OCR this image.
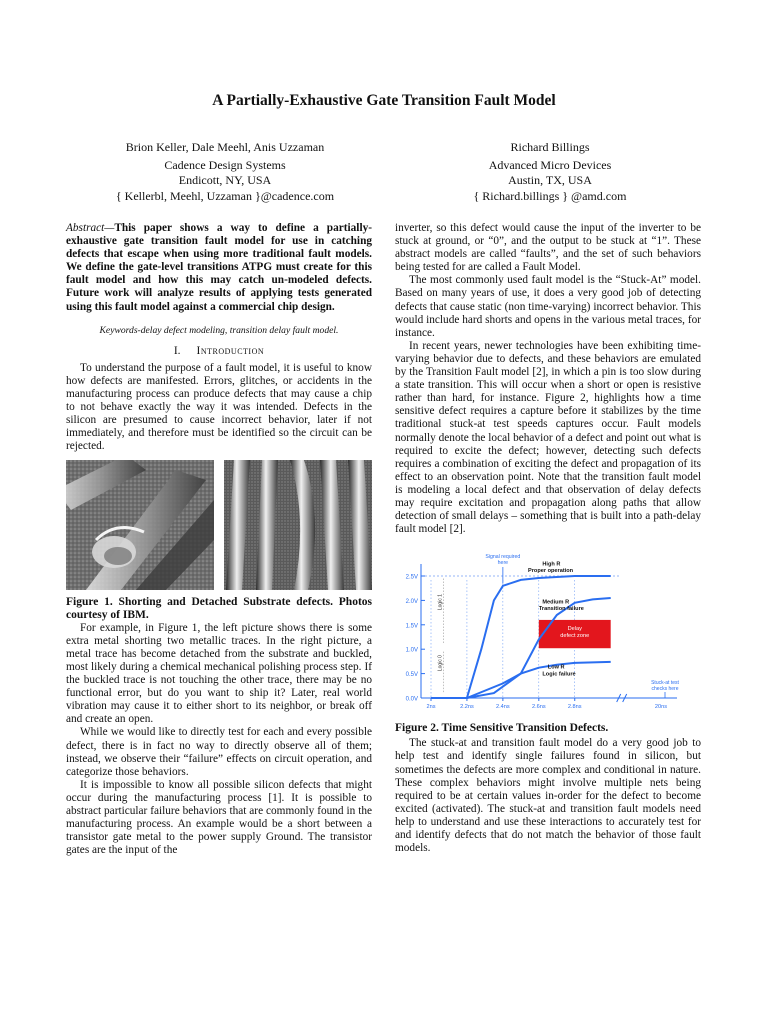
A Partially-Exhaustive Gate Transition Fault Model
Brion Keller, Dale Meehl, Anis Uzzaman
Cadence Design Systems
Endicott, NY, USA
{ Kellerbl, Meehl, Uzzaman }@cadence.com
Richard Billings
Advanced Micro Devices
Austin, TX, USA
{ Richard.billings } @amd.com

Abstract—This paper shows a way to define a partially-exhaustive gate transition fault model for use in catching defects that escape when using more traditional fault models. We define the gate-level transitions ATPG must create for this fault model and how this may catch un-modeled defects. Future work will analyze results of applying tests generated using this fault model against a commercial chip design.

Keywords-delay defect modeling, transition delay fault model.

I. Introduction

To understand the purpose of a fault model, it is useful to know how defects are manifested. Errors, glitches, or accidents in the manufacturing process can produce defects that may cause a chip to not behave exactly the way it was intended. Defects in the silicon are presumed to cause incorrect behavior, later if not immediately, and therefore must be identified so the circuit can be rejected.

Figure 1. Shorting and Detached Substrate defects. Photos courtesy of IBM.

For example, in Figure 1, the left picture shows there is some extra metal shorting two metallic traces. In the right picture, a metal trace has become detached from the substrate and buckled, most likely during a chemical mechanical polishing process step. If the buckled trace is not touching the other trace, there may be no functional error, but do you want to ship it? Later, real world vibration may cause it to either short to its neighbor, or break off and create an open.

While we would like to directly test for each and every possible defect, there is in fact no way to directly observe all of them; instead, we observe their “failure” effects on circuit operation, and categorize those behaviors.

It is impossible to know all possible silicon defects that might occur during the manufacturing process [1]. It is possible to abstract particular failure behaviors that are commonly found in the manufacturing process. An example would be a short between a transistor gate metal to the power supply Ground. The transistor gates are the input of the

inverter, so this defect would cause the input of the inverter to be stuck at ground, or “0”, and the output to be stuck at “1”. These abstract models are called “faults”, and the set of such behaviors being tested for are called a Fault Model.

The most commonly used fault model is the “Stuck-At” model. Based on many years of use, it does a very good job of detecting defects that cause static (non time-varying) incorrect behavior. This would include hard shorts and opens in the various metal traces, for instance.

In recent years, newer technologies have been exhibiting time-varying behavior due to defects, and these behaviors are emulated by the Transition Fault model [2], in which a pin is too slow during a state transition. This will occur when a short or open is resistive rather than hard, for instance. Figure 2, highlights how a time sensitive defect requires a capture before it stabilizes by the time traditional stuck-at test speeds captures occur. Fault models normally denote the local behavior of a defect and point out what is required to excite the defect; however, detecting such defects requires a combination of exciting the defect and propagation of its effect to an observation point. Note that the transition fault model is modeling a local defect and that observation of delay defects may require excitation and propagation along paths that allow detection of small delays – something that is built into a path-delay fault model [2].

0.0V
0.5V
1.0V
1.5V
2.0V
2.5V
2ns	2.2ns	2.4ns	2.6ns	2.8ns	20ns
Delay
defect zone
Logic 1
Logic 0
Signal required
here	High R
Proper operation
Medium R
Transition failure
Low R
Logic failure
Stuck-at test
checks here

Figure 2. Time Sensitive Transition Defects.

The stuck-at and transition fault model do a very good job to help test and identify single failures found in silicon, but sometimes the defects are more complex and conditional in nature. These complex behaviors might involve multiple nets being required to be at certain values in-order for the defect to become excited (activated). The stuck-at and transition fault models need help to understand and use these interactions to accurately test for and identify defects that do not match the behavior of those fault models.
